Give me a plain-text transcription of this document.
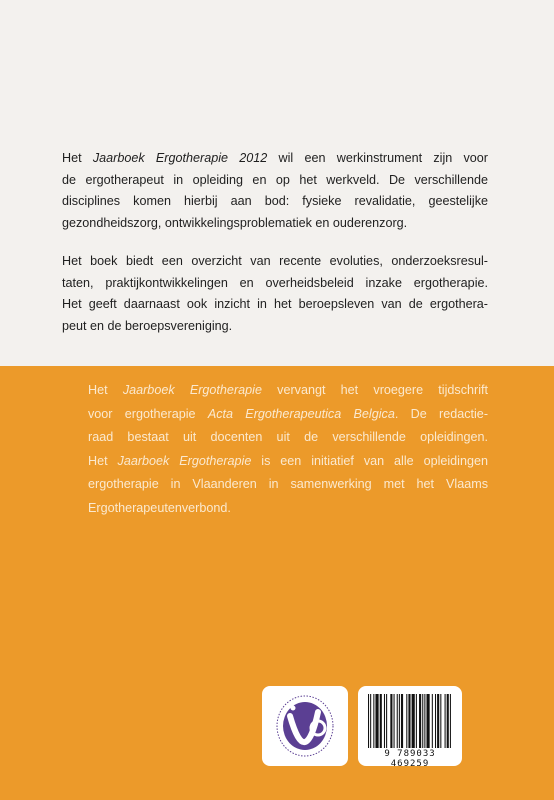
Het Jaarboek Ergotherapie 2012 wil een werkinstrument zijn voor
de ergotherapeut in opleiding en op het werkveld. De verschillende
disciplines komen hierbij aan bod: fysieke revalidatie, geestelijke
gezondheidszorg, ontwikkelingsproblematiek en ouderenzorg.
Het boek biedt een overzicht van recente evoluties, onderzoeksresul-
taten, praktijkontwikkelingen en overheidsbeleid inzake ergotherapie.
Het geeft daarnaast ook inzicht in het beroepsleven van de ergothera-
peut en de beroepsvereniging.
Het Jaarboek Ergotherapie vervangt het vroegere tijdschrift
voor ergotherapie Acta Ergotherapeutica Belgica. De redactie-
raad bestaat uit docenten uit de verschillende opleidingen.
Het Jaarboek Ergotherapie is een initiatief van alle opleidingen
ergotherapie in Vlaanderen in samenwerking met het Vlaams
Ergotherapeutenverbond.
9 789033 469259
